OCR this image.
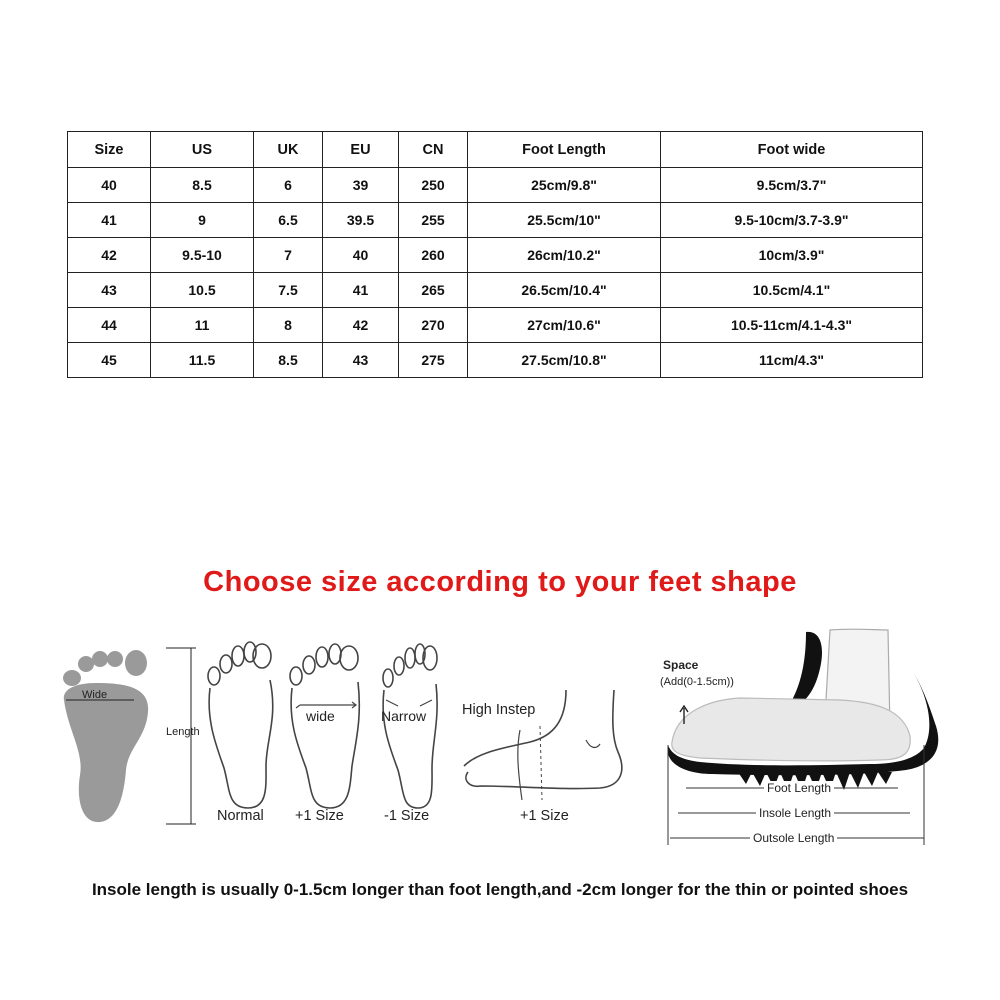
Size	US	UK	EU	CN	Foot Length	Foot wide
40	8.5	6	39	250	25cm/9.8"	9.5cm/3.7"
41	9	6.5	39.5	255	25.5cm/10"	9.5-10cm/3.7-3.9"
42	9.5-10	7	40	260	26cm/10.2"	10cm/3.9"
43	10.5	7.5	41	265	26.5cm/10.4"	10.5cm/4.1"
44	11	8	42	270	27cm/10.6"	10.5-11cm/4.1-4.3"
45	11.5	8.5	43	275	27.5cm/10.8"	11cm/4.3"
Choose size according to your feet shape
Wide
Length
Normal
wide
+1 Size
Narrow
-1 Size
High Instep
+1 Size
Space
(Add(0-1.5cm))
Foot Length
Insole Length
Outsole Length
Insole length is usually 0-1.5cm longer than foot length,and -2cm longer for the thin or pointed shoes
